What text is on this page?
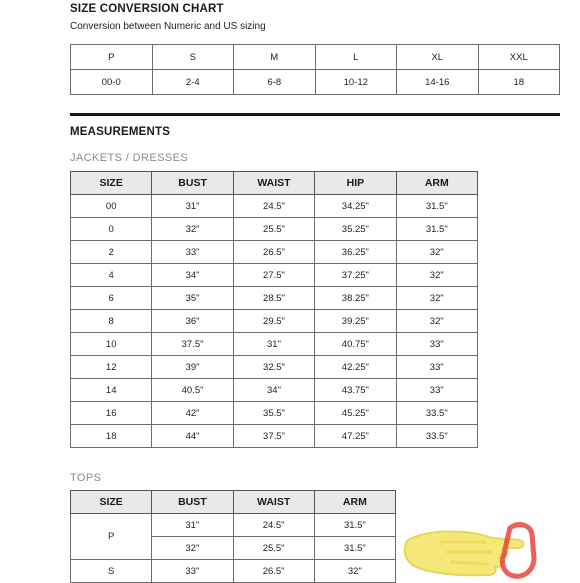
SIZE CONVERSION CHART
Conversion between Numeric and US sizing
P	S	M	L	XL	XXL
00-0	2-4	6-8	10-12	14-16	18
MEASUREMENTS
JACKETS / DRESSES
SIZE	BUST	WAIST	HIP	ARM
00	31"	24.5"	34.25"	31.5"
0	32"	25.5"	35.25"	31.5"
2	33"	26.5"	36.25"	32"
4	34"	27.5"	37.25"	32"
6	35"	28.5"	38.25"	32"
8	36"	29.5"	39.25"	32"
10	37.5"	31"	40.75"	33"
12	39"	32.5"	42.25"	33"
14	40.5"	34"	43.75"	33"
16	42"	35.5"	45.25"	33.5"
18	44"	37.5"	47.25"	33.5"
TOPS
SIZE	BUST	WAIST	ARM
P	31"	24.5"	31.5"
	32"	25.5"	31.5"
S	33"	26.5"	32"
